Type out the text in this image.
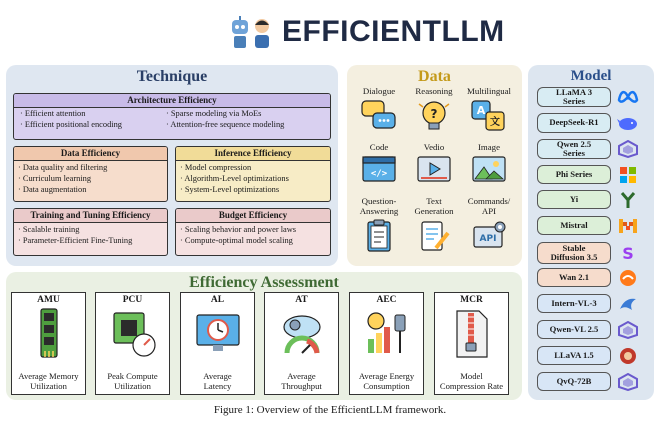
EFFICIENTLLM
Technique
Architecture Efficiency
· Efficient attention
· Efficient positional encoding
· Sparse modeling via MoEs
· Attention-free sequence modeling
Data Efficiency
· Data quality and filtering
· Curriculum learning
· Data augmentation
Inference Efficiency
· Model compression
· Algorithm-Level optimizations
· System-Level optimizations
Training and Tuning Efficiency
· Scalable training
· Parameter-Efficient Fine-Tuning
Budget Efficiency
· Scaling behavior and power laws
· Compute-optimal model scaling
Data
Dialogue	Reasoning
?
Multilingual
A
文
Code
</>
Vedio	Image
Question-
Answering
Text
Generation
Commands/
API
API
Model
LLaMA 3
Series
DeepSeek-R1
Qwen 2.5
Series
Phi Series
Yi
Mistral
Stable
Diffusion 3.5	S
Wan 2.1
Intern-VL-3
Qwen-VL 2.5
LLaVA 1.5
QvQ-72B
Efficiency Assessment
AMU
Average Memory
Utilization
PCU
Peak Compute
Utilization
AL
Average
Latency
AT
Average
Throughput
AEC
Average Energy
Consumption
MCR
Model
Compression Rate
Figure 1: Overview of the EfficientLLM framework.
